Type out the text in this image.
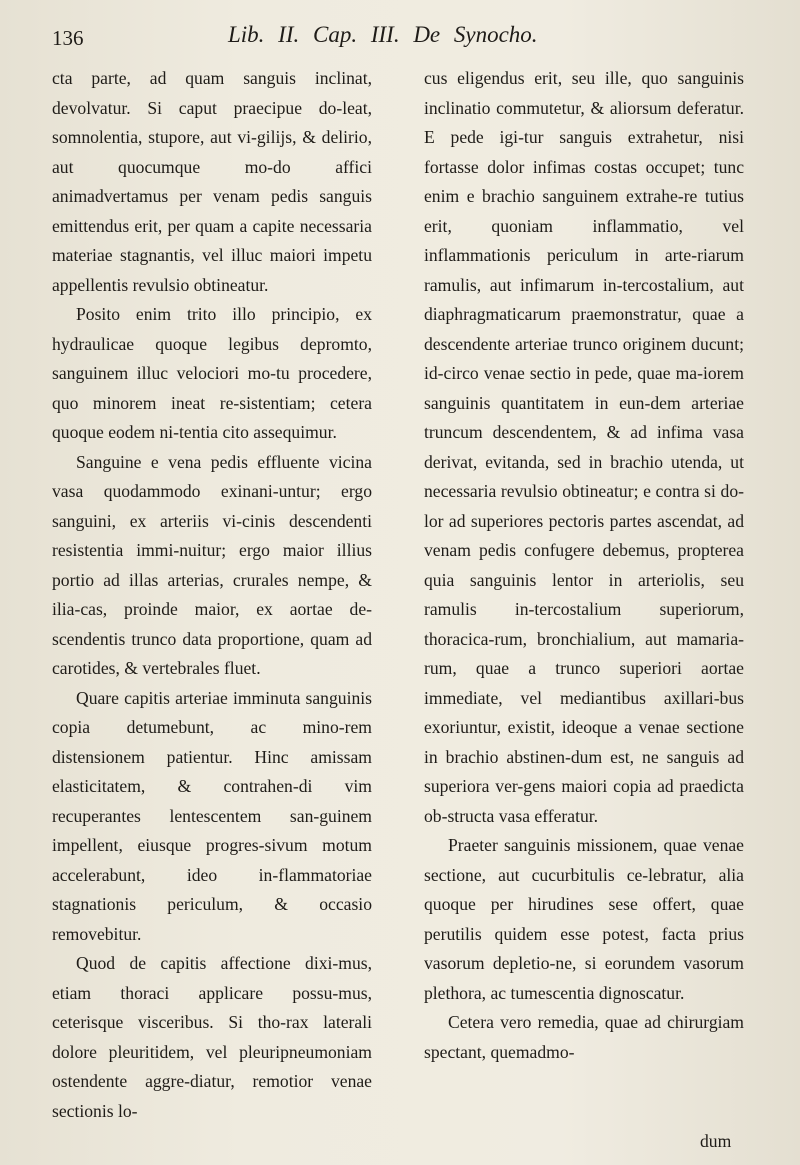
136	Lib. II. Cap. III. De Synocho.

cta parte, ad quam sanguis inclinat, devolvatur. Si caput praecipue do-leat, somnolentia, stupore, aut vi-gilijs, & delirio, aut quocumque mo-do affici animadvertamus per venam pedis sanguis emittendus erit, per quam a capite necessaria materiae stagnantis, vel illuc maiori impetu appellentis revulsio obtineatur.

Posito enim trito illo principio, ex hydraulicae quoque legibus depromto, sanguinem illuc velociori mo-tu procedere, quo minorem ineat re-sistentiam; cetera quoque eodem ni-tentia cito assequimur.

Sanguine e vena pedis effluente vicina vasa quodammodo exinani-untur; ergo sanguini, ex arteriis vi-cinis descendenti resistentia immi-nuitur; ergo maior illius portio ad illas arterias, crurales nempe, & ilia-cas, proinde maior, ex aortae de-scendentis trunco data proportione, quam ad carotides, & vertebrales fluet.

Quare capitis arteriae imminuta sanguinis copia detumebunt, ac mino-rem distensionem patientur. Hinc amissam elasticitatem, & contrahen-di vim recuperantes lentescentem san-guinem impellent, eiusque progres-sivum motum accelerabunt, ideo in-flammatoriae stagnationis periculum, & occasio removebitur.

Quod de capitis affectione dixi-mus, etiam thoraci applicare possu-mus, ceterisque visceribus. Si tho-rax laterali dolore pleuritidem, vel pleuripneumoniam ostendente aggre-diatur, remotior venae sectionis lo-

cus eligendus erit, seu ille, quo sanguinis inclinatio commutetur, & aliorsum deferatur. E pede igi-tur sanguis extrahetur, nisi fortasse dolor infimas costas occupet; tunc enim e brachio sanguinem extrahe-re tutius erit, quoniam inflammatio, vel inflammationis periculum in arte-riarum ramulis, aut infimarum in-tercostalium, aut diaphragmaticarum praemonstratur, quae a descendente arteriae trunco originem ducunt; id-circo venae sectio in pede, quae ma-iorem sanguinis quantitatem in eun-dem arteriae truncum descendentem, & ad infima vasa derivat, evitanda, sed in brachio utenda, ut necessaria revulsio obtineatur; e contra si do-lor ad superiores pectoris partes ascendat, ad venam pedis confugere debemus, propterea quia sanguinis lentor in arteriolis, seu ramulis in-tercostalium superiorum, thoracica-rum, bronchialium, aut mamaria-rum, quae a trunco superiori aortae immediate, vel mediantibus axillari-bus exoriuntur, existit, ideoque a venae sectione in brachio abstinen-dum est, ne sanguis ad superiora ver-gens maiori copia ad praedicta ob-structa vasa efferatur.

Praeter sanguinis missionem, quae venae sectione, aut cucurbitulis ce-lebratur, alia quoque per hirudines sese offert, quae perutilis quidem esse potest, facta prius vasorum depletio-ne, si eorundem vasorum plethora, ac tumescentia dignoscatur.

Cetera vero remedia, quae ad chirurgiam spectant, quemadmo-

dum
